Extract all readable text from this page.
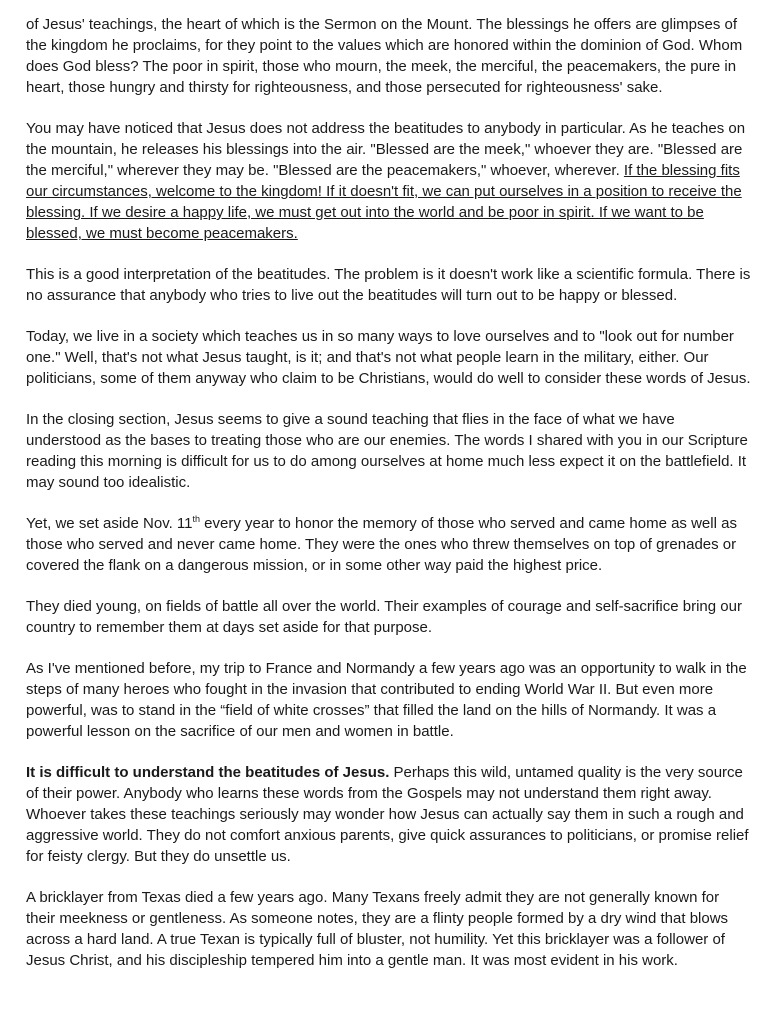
of Jesus' teachings, the heart of which is the Sermon on the Mount. The blessings he offers are glimpses of the kingdom he proclaims, for they point to the values which are honored within the dominion of God. Whom does God bless? The poor in spirit, those who mourn, the meek, the merciful, the peacemakers, the pure in heart, those hungry and thirsty for righteousness, and those persecuted for righteousness' sake.

You may have noticed that Jesus does not address the beatitudes to anybody in particular. As he teaches on the mountain, he releases his blessings into the air. "Blessed are the meek," whoever they are. "Blessed are the merciful," wherever they may be. "Blessed are the peacemakers," whoever, wherever. If the blessing fits our circumstances, welcome to the kingdom! If it doesn't fit, we can put ourselves in a position to receive the blessing. If we desire a happy life, we must get out into the world and be poor in spirit. If we want to be blessed, we must become peacemakers.

This is a good interpretation of the beatitudes. The problem is it doesn't work like a scientific formula. There is no assurance that anybody who tries to live out the beatitudes will turn out to be happy or blessed.

Today, we live in a society which teaches us in so many ways to love ourselves and to "look out for number one." Well, that's not what Jesus taught, is it; and that's not what people learn in the military, either. Our politicians, some of them anyway who claim to be Christians, would do well to consider these words of Jesus.

In the closing section, Jesus seems to give a sound teaching that flies in the face of what we have understood as the bases to treating those who are our enemies. The words I shared with you in our Scripture reading this morning is difficult for us to do among ourselves at home much less expect it on the battlefield. It may sound too idealistic.

Yet, we set aside Nov. 11th every year to honor the memory of those who served and came home as well as those who served and never came home. They were the ones who threw themselves on top of grenades or covered the flank on a dangerous mission, or in some other way paid the highest price.

They died young, on fields of battle all over the world. Their examples of courage and self-sacrifice bring our country to remember them at days set aside for that purpose.

As I've mentioned before, my trip to France and Normandy a few years ago was an opportunity to walk in the steps of many heroes who fought in the invasion that contributed to ending World War II. But even more powerful, was to stand in the “field of white crosses” that filled the land on the hills of Normandy. It was a powerful lesson on the sacrifice of our men and women in battle.

It is difficult to understand the beatitudes of Jesus. Perhaps this wild, untamed quality is the very source of their power. Anybody who learns these words from the Gospels may not understand them right away. Whoever takes these teachings seriously may wonder how Jesus can actually say them in such a rough and aggressive world. They do not comfort anxious parents, give quick assurances to politicians, or promise relief for feisty clergy. But they do unsettle us.

A bricklayer from Texas died a few years ago. Many Texans freely admit they are not generally known for their meekness or gentleness. As someone notes, they are a flinty people formed by a dry wind that blows across a hard land. A true Texan is typically full of bluster, not humility. Yet this bricklayer was a follower of Jesus Christ, and his discipleship tempered him into a gentle man. It was most evident in his work.
